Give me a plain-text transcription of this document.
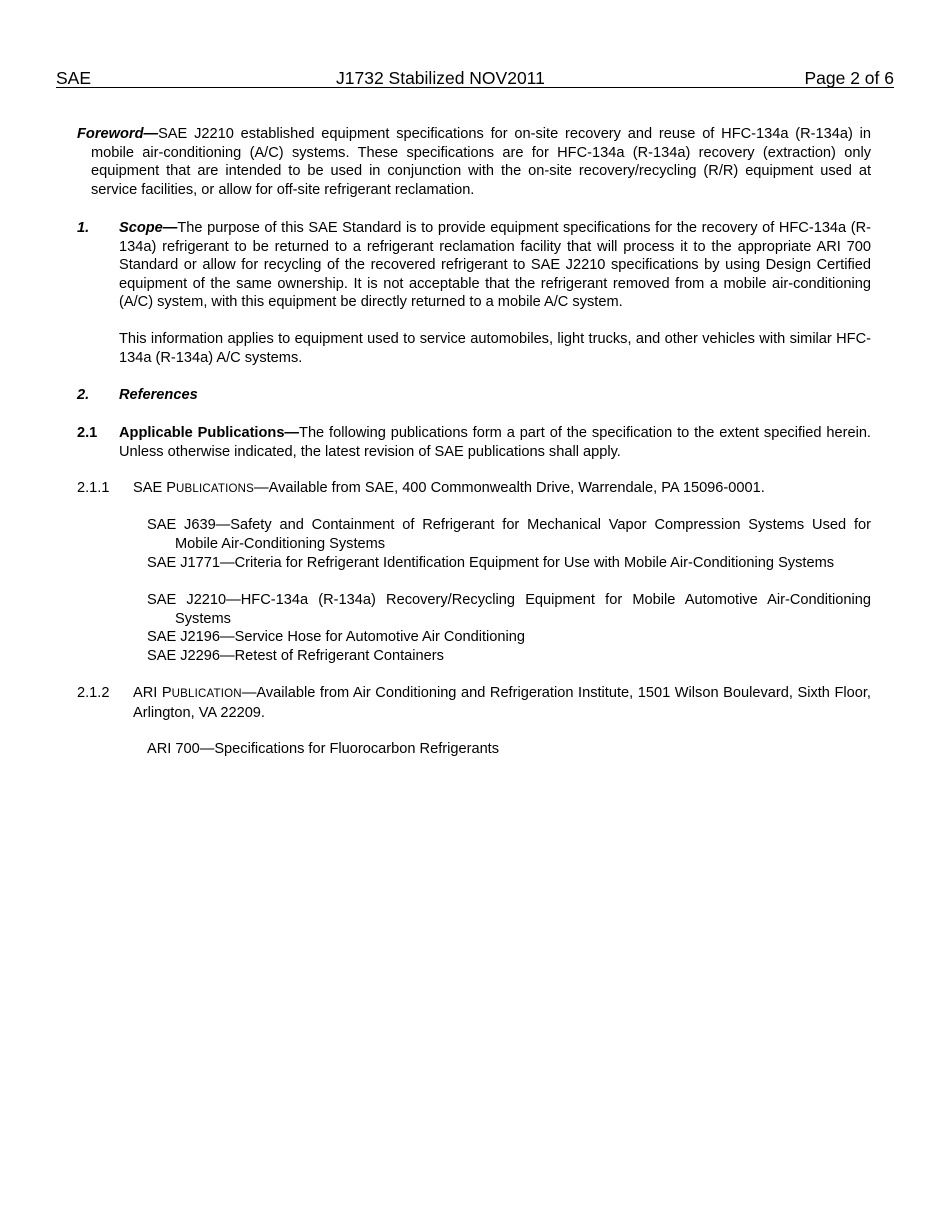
SAE	J1732 Stabilized NOV2011	Page 2 of 6
Foreword—SAE J2210 established equipment specifications for on-site recovery and reuse of HFC-134a (R-134a) in mobile air-conditioning (A/C) systems. These specifications are for HFC-134a (R-134a) recovery (extraction) only equipment that are intended to be used in conjunction with the on-site recovery/recycling (R/R) equipment used at service facilities, or allow for off-site refrigerant reclamation.
1. Scope—The purpose of this SAE Standard is to provide equipment specifications for the recovery of HFC-134a (R-134a) refrigerant to be returned to a refrigerant reclamation facility that will process it to the appropriate ARI 700 Standard or allow for recycling of the recovered refrigerant to SAE J2210 specifications by using Design Certified equipment of the same ownership. It is not acceptable that the refrigerant removed from a mobile air-conditioning (A/C) system, with this equipment be directly returned to a mobile A/C system.
This information applies to equipment used to service automobiles, light trucks, and other vehicles with similar HFC-134a (R-134a) A/C systems.
2. References
2.1 Applicable Publications—The following publications form a part of the specification to the extent specified herein. Unless otherwise indicated, the latest revision of SAE publications shall apply.
2.1.1 SAE PUBLICATIONS—Available from SAE, 400 Commonwealth Drive, Warrendale, PA 15096-0001.
SAE J639—Safety and Containment of Refrigerant for Mechanical Vapor Compression Systems Used for Mobile Air-Conditioning Systems
SAE J1771—Criteria for Refrigerant Identification Equipment for Use with Mobile Air-Conditioning Systems
SAE J2210—HFC-134a (R-134a) Recovery/Recycling Equipment for Mobile Automotive Air-Conditioning Systems
SAE J2196—Service Hose for Automotive Air Conditioning
SAE J2296—Retest of Refrigerant Containers
2.1.2 ARI PUBLICATION—Available from Air Conditioning and Refrigeration Institute, 1501 Wilson Boulevard, Sixth Floor, Arlington, VA 22209.
ARI 700—Specifications for Fluorocarbon Refrigerants
